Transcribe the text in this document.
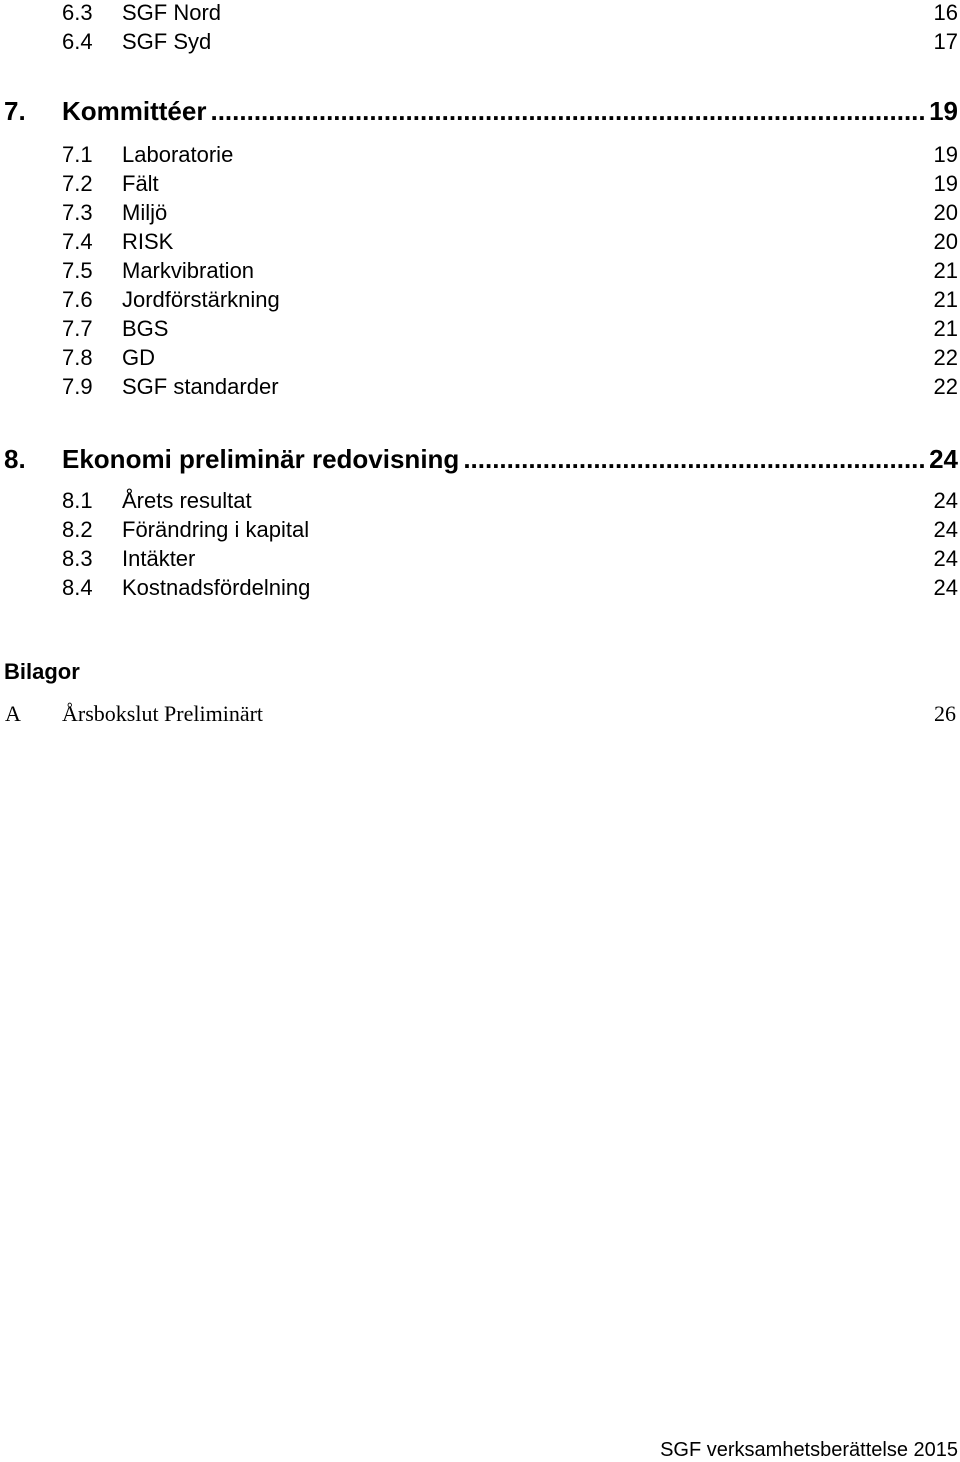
6.3 SGF Nord	16
6.4 SGF Syd	17
7. Kommittéer .....	19
7.1 Laboratorie	19
7.2 Fält	19
7.3 Miljö	20
7.4 RISK	20
7.5 Markvibration	21
7.6 Jordförstärkning	21
7.7 BGS	21
7.8 GD	22
7.9 SGF standarder	22
8. Ekonomi preliminär redovisning .....	24
8.1 Årets resultat	24
8.2 Förändring i kapital	24
8.3 Intäkter	24
8.4 Kostnadsfördelning	24
Bilagor
A Årsbokslut Preliminärt	26
SGF verksamhetsberättelse 2015
